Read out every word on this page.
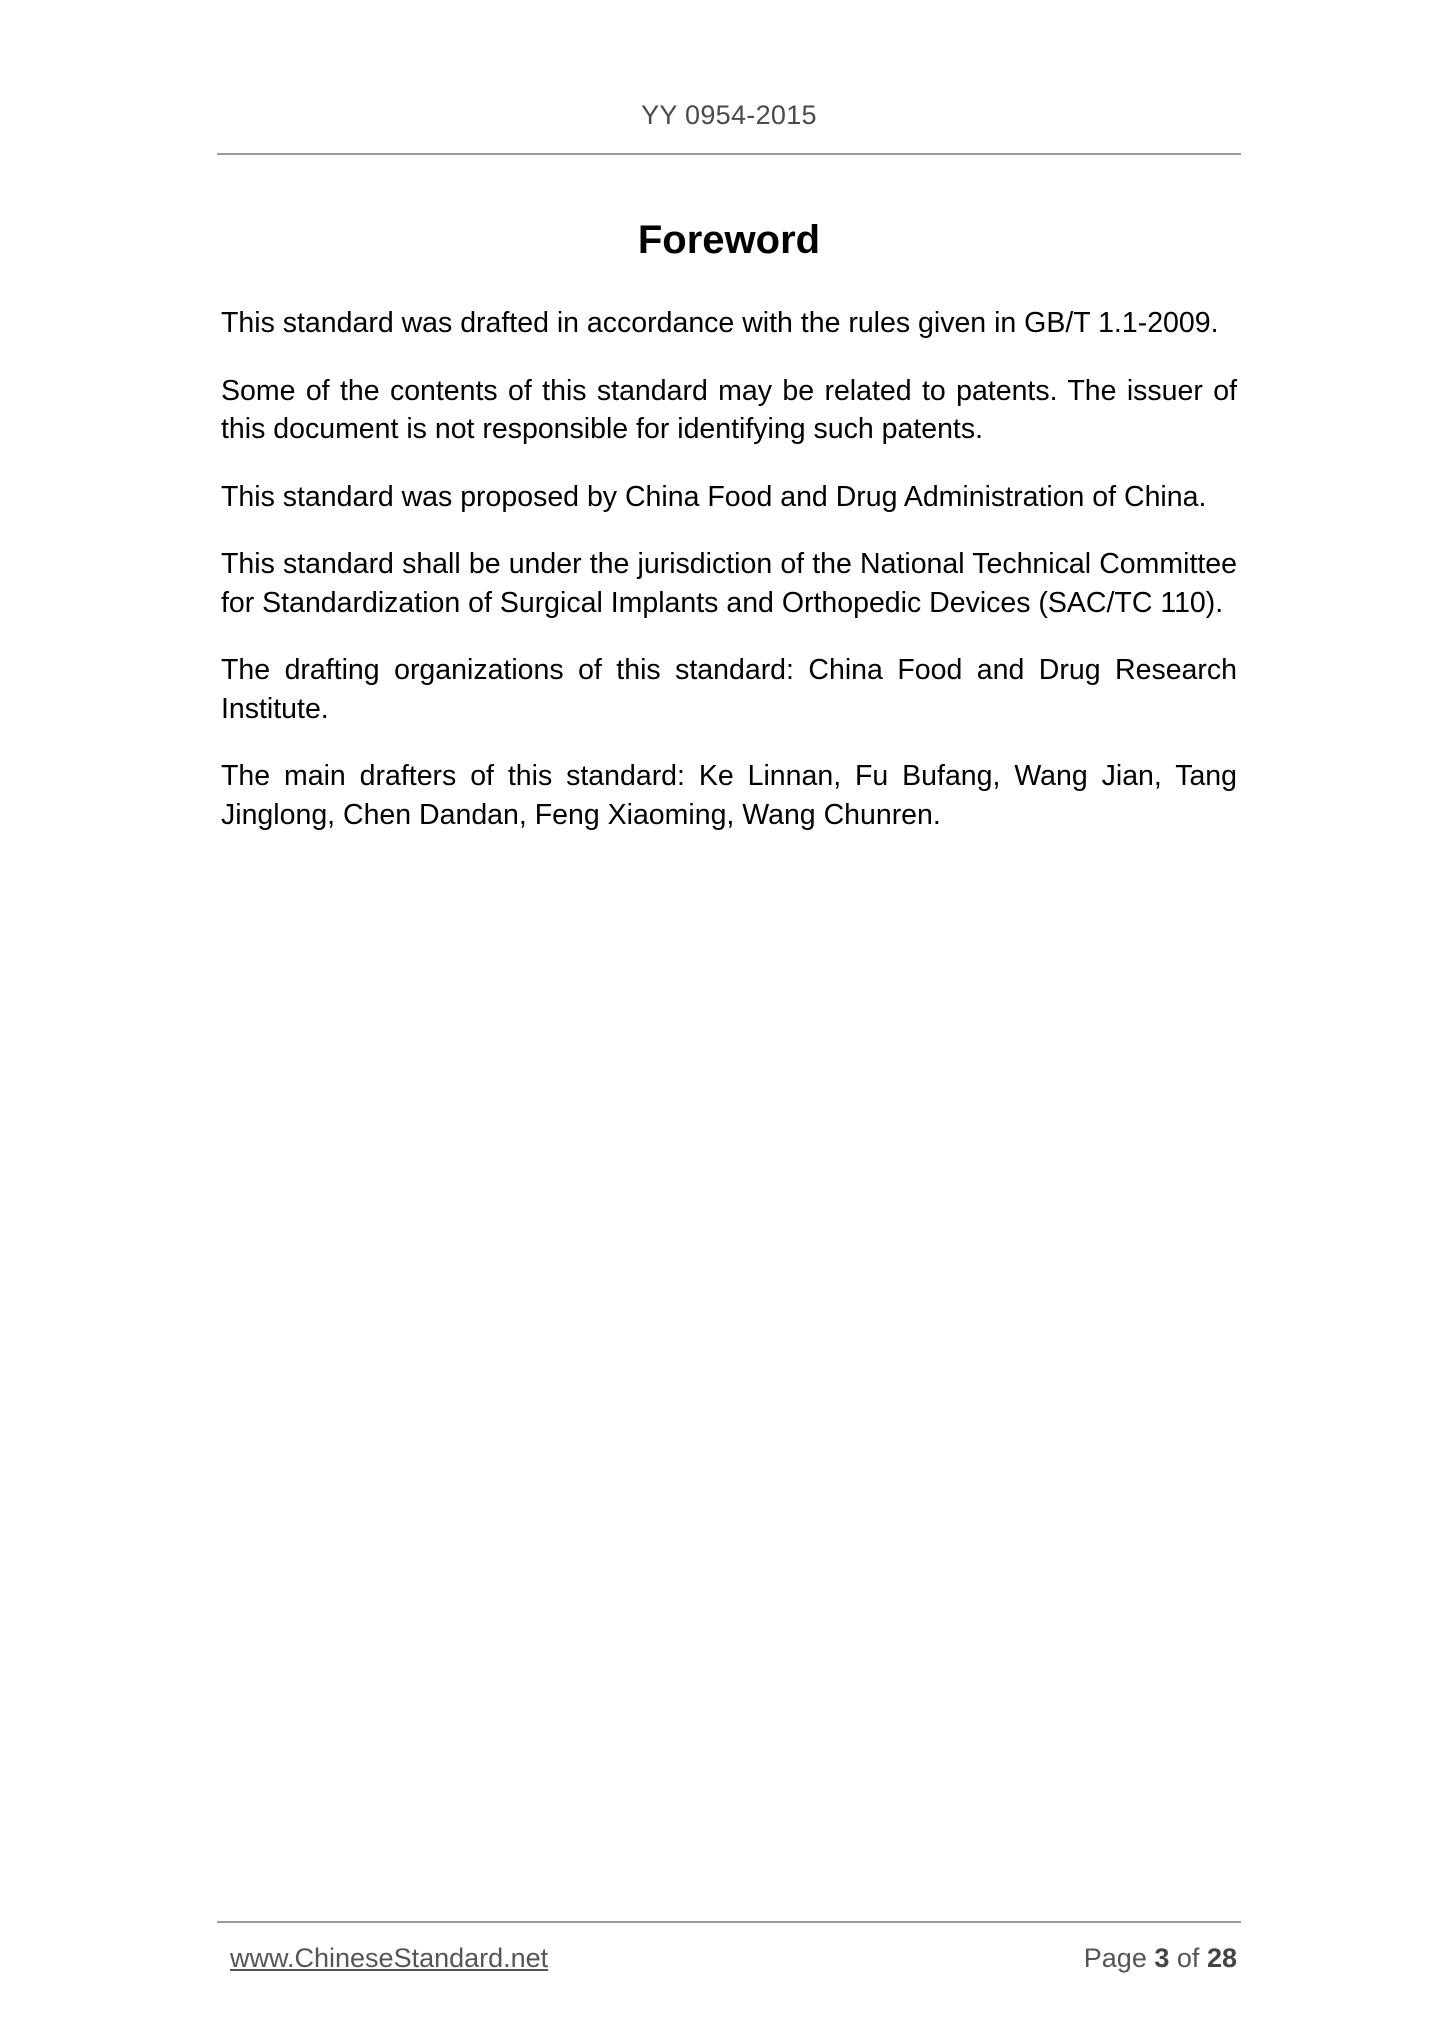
YY 0954-2015
Foreword

This standard was drafted in accordance with the rules given in GB/T 1.1-2009.

Some of the contents of this standard may be related to patents. The issuer of this document is not responsible for identifying such patents.

This standard was proposed by China Food and Drug Administration of China.

This standard shall be under the jurisdiction of the National Technical Committee for Standardization of Surgical Implants and Orthopedic Devices (SAC/TC 110).

The drafting organizations of this standard: China Food and Drug Research Institute.

The main drafters of this standard: Ke Linnan, Fu Bufang, Wang Jian, Tang Jinglong, Chen Dandan, Feng Xiaoming, Wang Chunren.

www.ChineseStandard.net	Page 3 of 28
